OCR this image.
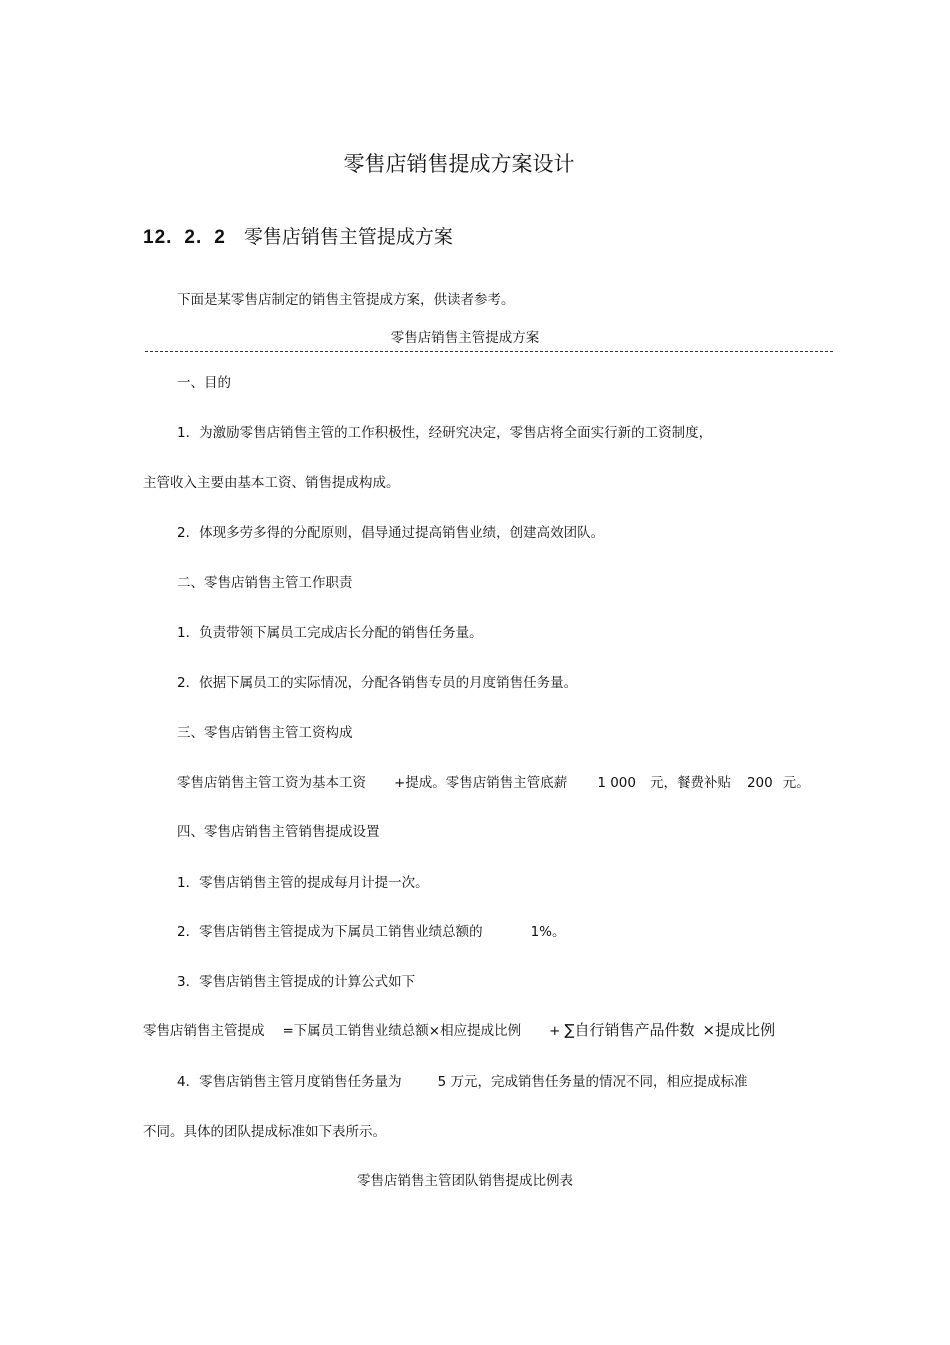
零售店销售提成方案设计
12. 2. 2 零售店销售主管提成方案
下面是某零售店制定的销售主管提成方案，供读者参考。
零售店销售主管提成方案
一、目的
1．为激励零售店销售主管的工作积极性，经研究决定，零售店将全面实行新的工资制度，
主管收入主要由基本工资、销售提成构成。
2．体现多劳多得的分配原则，倡导通过提高销售业绩，创建高效团队。
二、零售店销售主管工作职责
1．负责带领下属员工完成店长分配的销售任务量。
2．依据下属员工的实际情况，分配各销售专员的月度销售任务量。
三、零售店销售主管工资构成
零售店销售主管工资为基本工资 +提成。零售店销售主管底薪 1 000 元，餐费补贴 200 元。
四、零售店销售主管销售提成设置
1．零售店销售主管的提成每月计提一次。
2．零售店销售主管提成为下属员工销售业绩总额的	1%。
3．零售店销售主管提成的计算公式如下
零售店销售主管提成 =下属员工销售业绩总额×相应提成比例 + ∑自行销售产品件数 ×提成比例
4．零售店销售主管月度销售任务量为	5 万元，完成销售任务量的情况不同，相应提成标准
不同。具体的团队提成标准如下表所示。
零售店销售主管团队销售提成比例表
